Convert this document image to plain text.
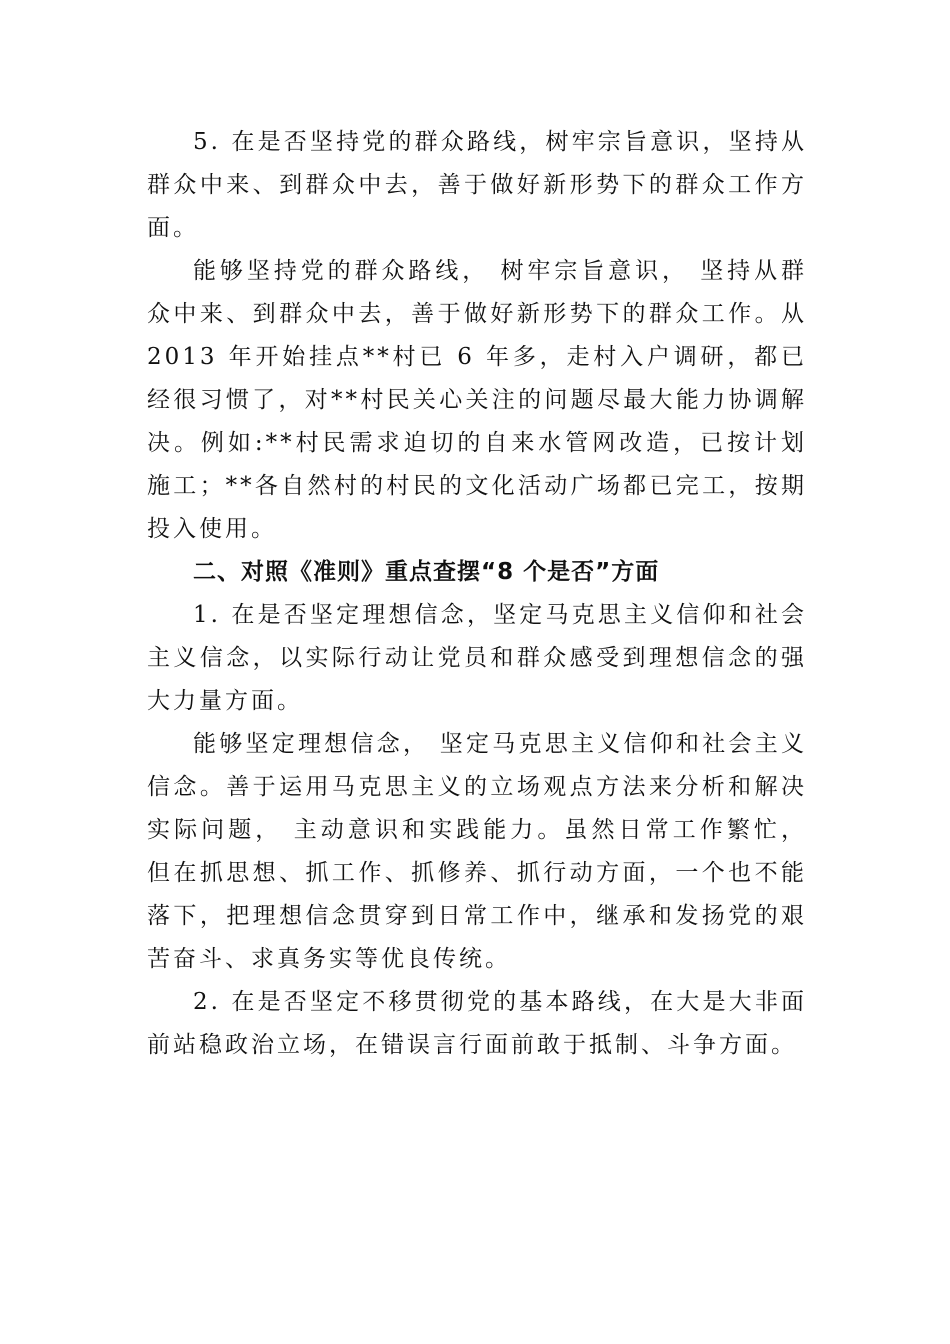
5. 在是否坚持党的群众路线，树牢宗旨意识，坚持从群众中来、到群众中去，善于做好新形势下的群众工作方面。

能够坚持党的群众路线， 树牢宗旨意识， 坚持从群众中来、到群众中去，善于做好新形势下的群众工作。从 2013 年开始挂点**村已 6 年多，走村入户调研，都已经很习惯了，对**村民关心关注的问题尽最大能力协调解决。例如:**村民需求迫切的自来水管网改造，已按计划施工；**各自然村的村民的文化活动广场都已完工，按期投入使用。

二、对照《准则》重点查摆“8 个是否”方面

1. 在是否坚定理想信念，坚定马克思主义信仰和社会主义信念，以实际行动让党员和群众感受到理想信念的强大力量方面。

能够坚定理想信念， 坚定马克思主义信仰和社会主义信念。善于运用马克思主义的立场观点方法来分析和解决实际问题， 主动意识和实践能力。虽然日常工作繁忙，但在抓思想、抓工作、抓修养、抓行动方面，一个也不能落下，把理想信念贯穿到日常工作中，继承和发扬党的艰苦奋斗、求真务实等优良传统。

2. 在是否坚定不移贯彻党的基本路线，在大是大非面前站稳政治立场，在错误言行面前敢于抵制、斗争方面。
